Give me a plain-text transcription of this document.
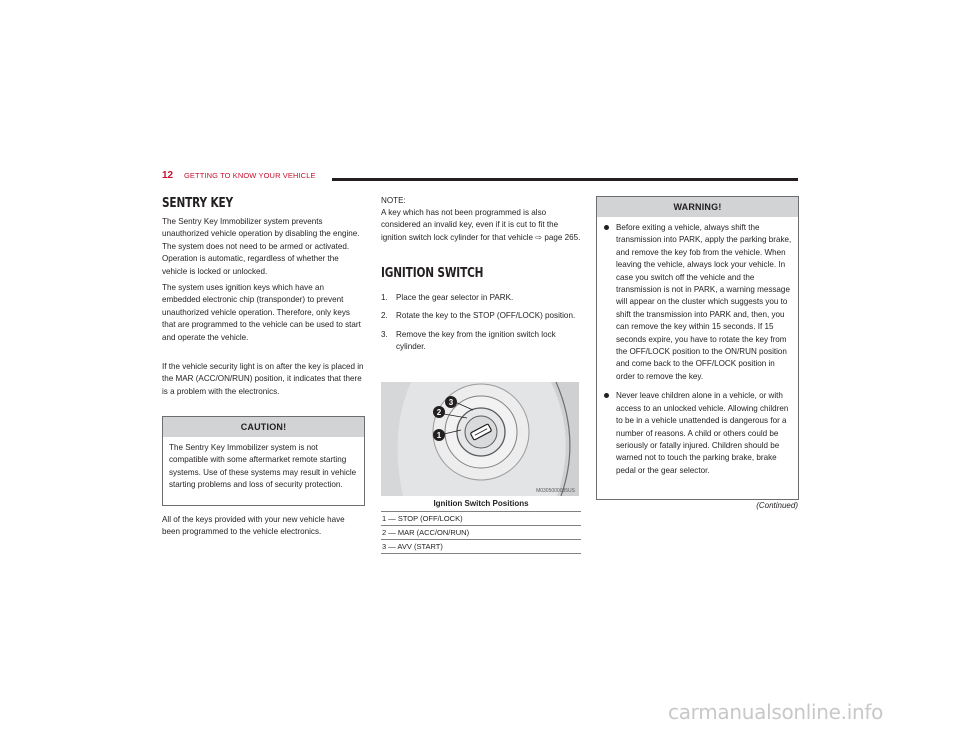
12 GETTING TO KNOW YOUR VEHICLE
SENTRY KEY

The Sentry Key Immobilizer system prevents unauthorized vehicle operation by disabling the engine. The system does not need to be armed or activated. Operation is automatic, regardless of whether the vehicle is locked or unlocked.

The system uses ignition keys which have an embedded electronic chip (transponder) to prevent unauthorized vehicle operation. Therefore, only keys that are programmed to the vehicle can be used to start and operate the vehicle.

If the vehicle security light is on after the key is placed in the MAR (ACC/ON/RUN) position, it indicates that there is a problem with the electronics.

CAUTION!
The Sentry Key Immobilizer system is not compatible with some aftermarket remote starting systems. Use of these systems may result in vehicle starting problems and loss of security protection.

All of the keys provided with your new vehicle have been programmed to the vehicle electronics.

NOTE:

A key which has not been programmed is also considered an invalid key, even if it is cut to fit the ignition switch lock cylinder for that vehicle ⇨ page 265.

IGNITION SWITCH
1. Place the gear selector in PARK.
2. Rotate the key to the STOP (OFF/LOCK) position.
3. Remove the key from the ignition switch lock cylinder.
1
2
3
M0305000085US
Ignition Switch Positions
1 — STOP (OFF/LOCK)
2 — MAR (ACC/ON/RUN)
3 — AVV (START)
WARNING!
Before exiting a vehicle, always shift the transmission into PARK, apply the parking brake, and remove the key fob from the vehicle. When leaving the vehicle, always lock your vehicle. In case you switch off the vehicle and the transmission is not in PARK, a warning message will appear on the cluster which suggests you to shift the transmission into PARK and, then, you can remove the key within 15 seconds. If 15 seconds expire, you have to rotate the key from the OFF/LOCK position to the ON/RUN position and come back to the OFF/LOCK position in order to remove the key.
Never leave children alone in a vehicle, or with access to an unlocked vehicle. Allowing children to be in a vehicle unattended is dangerous for a number of reasons. A child or others could be seriously or fatally injured. Children should be warned not to touch the parking brake, brake pedal or the gear selector.
(Continued)
carmanualsonline.info
